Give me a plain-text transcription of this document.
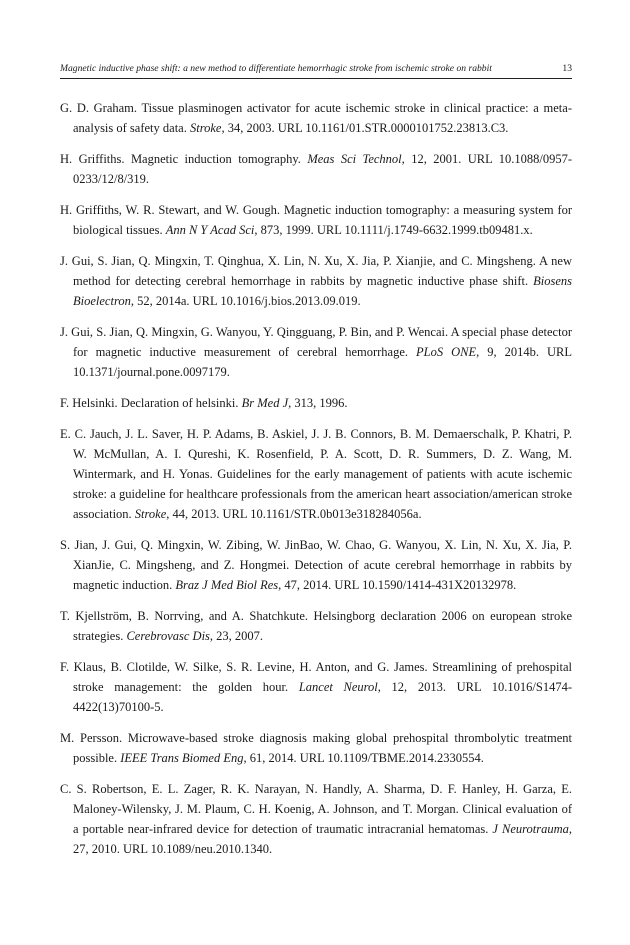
Magnetic inductive phase shift: a new method to differentiate hemorrhagic stroke from ischemic stroke on rabbit	13

G. D. Graham. Tissue plasminogen activator for acute ischemic stroke in clinical practice: a meta-analysis of safety data. Stroke, 34, 2003. URL 10.1161/01.STR.0000101752.23813.C3.

H. Griffiths. Magnetic induction tomography. Meas Sci Technol, 12, 2001. URL 10.1088/0957-0233/12/8/319.

H. Griffiths, W. R. Stewart, and W. Gough. Magnetic induction tomography: a measuring system for biological tissues. Ann N Y Acad Sci, 873, 1999. URL 10.1111/j.1749-6632.1999.tb09481.x.

J. Gui, S. Jian, Q. Mingxin, T. Qinghua, X. Lin, N. Xu, X. Jia, P. Xianjie, and C. Mingsheng. A new method for detecting cerebral hemorrhage in rabbits by magnetic inductive phase shift. Biosens Bioelectron, 52, 2014a. URL 10.1016/j.bios.2013.09.019.

J. Gui, S. Jian, Q. Mingxin, G. Wanyou, Y. Qingguang, P. Bin, and P. Wencai. A special phase detector for magnetic inductive measurement of cerebral hemorrhage. PLoS ONE, 9, 2014b. URL 10.1371/journal.pone.0097179.

F. Helsinki. Declaration of helsinki. Br Med J, 313, 1996.

E. C. Jauch, J. L. Saver, H. P. Adams, B. Askiel, J. J. B. Connors, B. M. Demaerschalk, P. Khatri, P. W. McMullan, A. I. Qureshi, K. Rosenfield, P. A. Scott, D. R. Summers, D. Z. Wang, M. Wintermark, and H. Yonas. Guidelines for the early management of patients with acute ischemic stroke: a guideline for healthcare professionals from the american heart association/american stroke association. Stroke, 44, 2013. URL 10.1161/STR.0b013e318284056a.

S. Jian, J. Gui, Q. Mingxin, W. Zibing, W. JinBao, W. Chao, G. Wanyou, X. Lin, N. Xu, X. Jia, P. XianJie, C. Mingsheng, and Z. Hongmei. Detection of acute cerebral hemorrhage in rabbits by magnetic induction. Braz J Med Biol Res, 47, 2014. URL 10.1590/1414-431X20132978.

T. Kjellström, B. Norrving, and A. Shatchkute. Helsingborg declaration 2006 on european stroke strategies. Cerebrovasc Dis, 23, 2007.

F. Klaus, B. Clotilde, W. Silke, S. R. Levine, H. Anton, and G. James. Streamlining of prehospital stroke management: the golden hour. Lancet Neurol, 12, 2013. URL 10.1016/S1474-4422(13)70100-5.

M. Persson. Microwave-based stroke diagnosis making global prehospital thrombolytic treatment possible. IEEE Trans Biomed Eng, 61, 2014. URL 10.1109/TBME.2014.2330554.

C. S. Robertson, E. L. Zager, R. K. Narayan, N. Handly, A. Sharma, D. F. Hanley, H. Garza, E. Maloney-Wilensky, J. M. Plaum, C. H. Koenig, A. Johnson, and T. Morgan. Clinical evaluation of a portable near-infrared device for detection of traumatic intracranial hematomas. J Neurotrauma, 27, 2010. URL 10.1089/neu.2010.1340.
